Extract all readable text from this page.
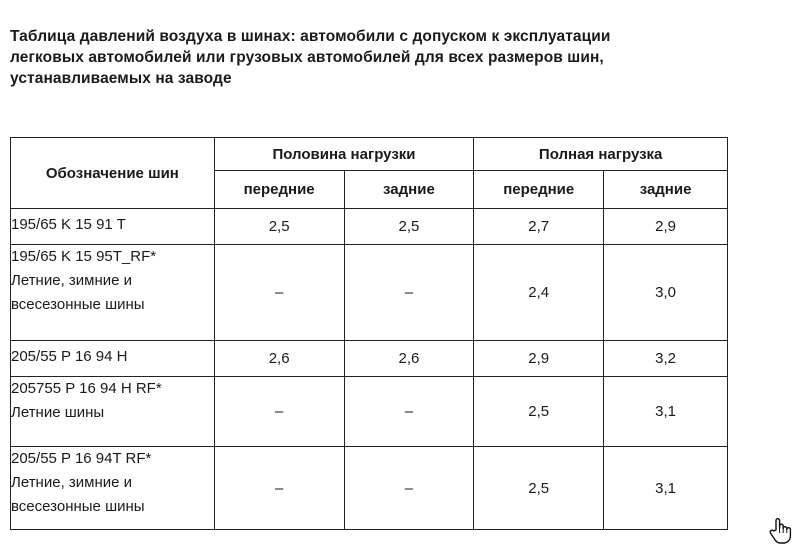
Таблица давлений воздуха в шинах: автомобили с допуском к эксплуатации
легковых автомобилей или грузовых автомобилей для всех размеров шин,
устанавливаемых на заводе
Обозначение шин	Половина нагрузки		Полная нагрузка	
	передние	задние	передние	задние

195/65 K 15 91 T	2,5	2,5	2,7	2,9

195/65 K 15 95T_RF*
Летние, зимние и
всесезонные шины	–	–	2,4	3,0

205/55 P 16 94 H	2,6	2,6	2,9	3,2

205755 P 16 94 H RF*
Летние шины	–	–	2,5	3,1

205/55 P 16 94T RF*
Летние, зимние и
всесезонные шины	–	–	2,5	3,1
